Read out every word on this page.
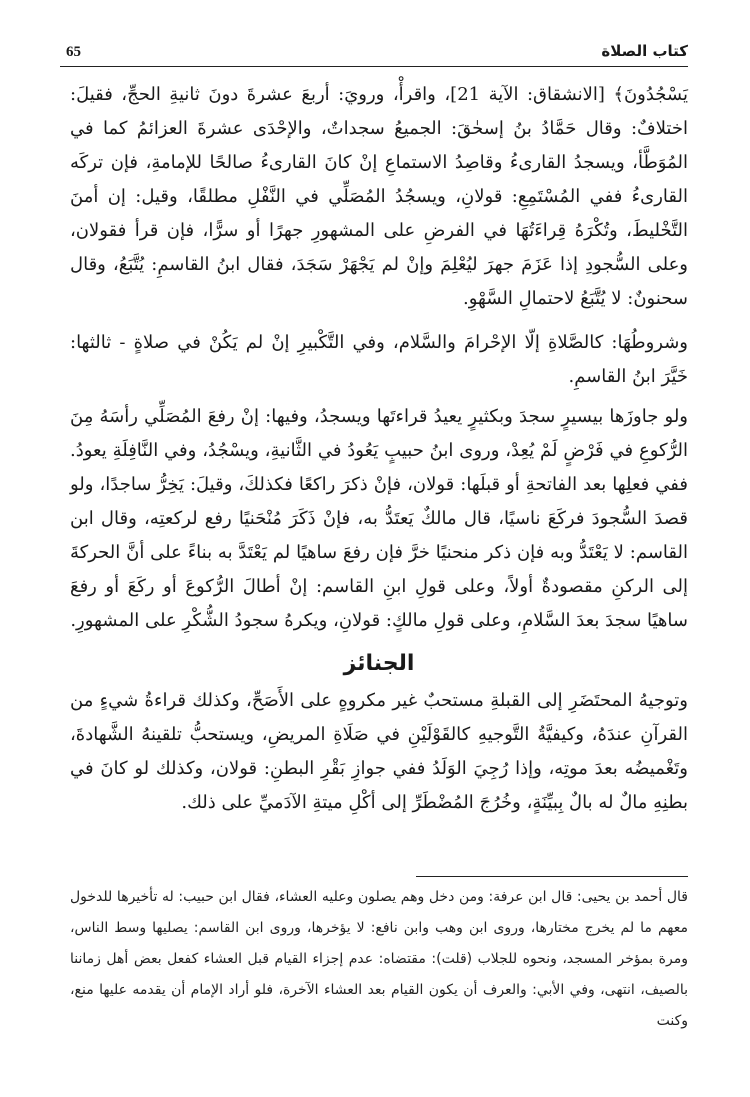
65	كتاب الصلاة

يَسْجُدُونَ﴾ [الانشقاق: الآية 21]، واقرأْ، ورويَ: أربعَ عشرةَ دونَ ثانيةِ الحجِّ، فقيلَ: اختلافٌ: وقال حَمَّادُ بنُ إسحٰقَ: الجميعُ سجداتٌ، والإحْدَى عشرةَ العزائمُ كما في المُوَطَّأ، ويسجدُ القارىءُ وقاصِدُ الاستماعِ إنْ كانَ القارىءُ صالحًا للإمامةِ، فإن تركَه القارىءُ ففي المُسْتَمِعِ: قولانِ، ويسجُدُ المُصَلِّي في النَّفْلِ مطلقًا، وقيل: إن أمنَ التَّخْليطَ، وتُكْرَهُ قِراءَتُهَا في الفرضِ على المشهورِ جهرًا أو سرًّا، فإن قرأ فقولان، وعلى السُّجودِ إذا عَزَمَ جهرَ ليُعْلِمَ وإنْ لم يَجْهَرْ سَجَدَ، فقال ابنُ القاسمِ: يُتَّبَعُ، وقال سحنونٌ: لا يُتَّبَعُ لاحتمالِ السَّهْوِ.

وشروطُهَا: كالصَّلاةِ إلّا الإحْرامَ والسَّلام، وفي التَّكْبيرِ إنْ لم يَكُنْ في صلاةٍ - ثالثها: خَيَّرَ ابنُ القاسمِ.

ولو جاوزَها بيسيرٍ سجدَ وبكثيرٍ يعيدُ قراءتَها ويسجدُ، وفيها: إنْ رفعَ المُصَلِّي رأسَهُ مِنَ الرُّكوعِ في فَرْضٍ لَمْ يُعِدْ، وروى ابنُ حبيبٍ يَعُودُ في الثَّانيةِ، ويسْجُدُ، وفي النَّافِلَةِ يعودُ. ففي فعلِها بعد الفاتحةِ أو قبلَها: قولان، فإنْ ذكرَ راكعًا فكذلكَ، وقيلَ: يَخِرُّ ساجدًا، ولو قصدَ السُّجودَ فركَعَ ناسيًا، قال مالكٌ يَعتَدُّ به، فإنْ ذَكَرَ مُنْحَنيًا رفع لركعتِه، وقال ابن القاسم: لا يَعْتَدُّ وبه فإن ذكر منحنيًا خرَّ فإن رفعَ ساهيًا لم يَعْتَدَّ به بناءً على أنَّ الحركةَ إلى الركنِ مقصودةٌ أولاً، وعلى قولِ ابنِ القاسم: إنْ أطالَ الرُّكوعَ أو ركَعَ أو رفعَ ساهيًا سجدَ بعدَ السَّلامِ، وعلى قولِ مالكٍ: قولانِ، ويكرهُ سجودُ الشُّكْرِ على المشهورِ.

الجنائز

وتوجيهُ المحتَضَرِ إلى القبلةِ مستحبٌ غير مكروهٍ على الأَصَحِّ، وكذلك قراءةُ شيءٍ من القرآنِ عندَهُ، وكيفيَّةُ التَّوجيهِ كالقَوْلَيْنِ في صَلَاةِ المريضِ، ويستحبُّ تلقينهُ الشَّهادةَ، وتَغْميضُه بعدَ موتِه، وإذا رُجِيَ الوَلَدُ ففي جوازِ بَقْرِ البطنِ: قولان، وكذلك لو كانَ في بطنِهِ مالٌ له بالٌ بِبيِّنَةٍ، وخُرُجَ المُضْطَرِّ إلى أكْلِ ميتةِ الآدَميِّ على ذلك.

قال أحمد بن يحيى: قال ابن عرفة: ومن دخل وهم يصلون وعليه العشاء، فقال ابن حبيب: له تأخيرها للدخول معهم ما لم يخرج مختارها، وروى ابن وهب وابن نافع: لا يؤخرها، وروى ابن القاسم: يصليها وسط الناس، ومرة بمؤخر المسجد، ونحوه للجلاب (قلت): مقتضاه: عدم إجزاء القيام قبل العشاء كفعل بعض أهل زماننا بالصيف، انتهى، وفي الأبي: والعرف أن يكون القيام بعد العشاء الآخرة، فلو أراد الإمام أن يقدمه عليها منع، وكنت
